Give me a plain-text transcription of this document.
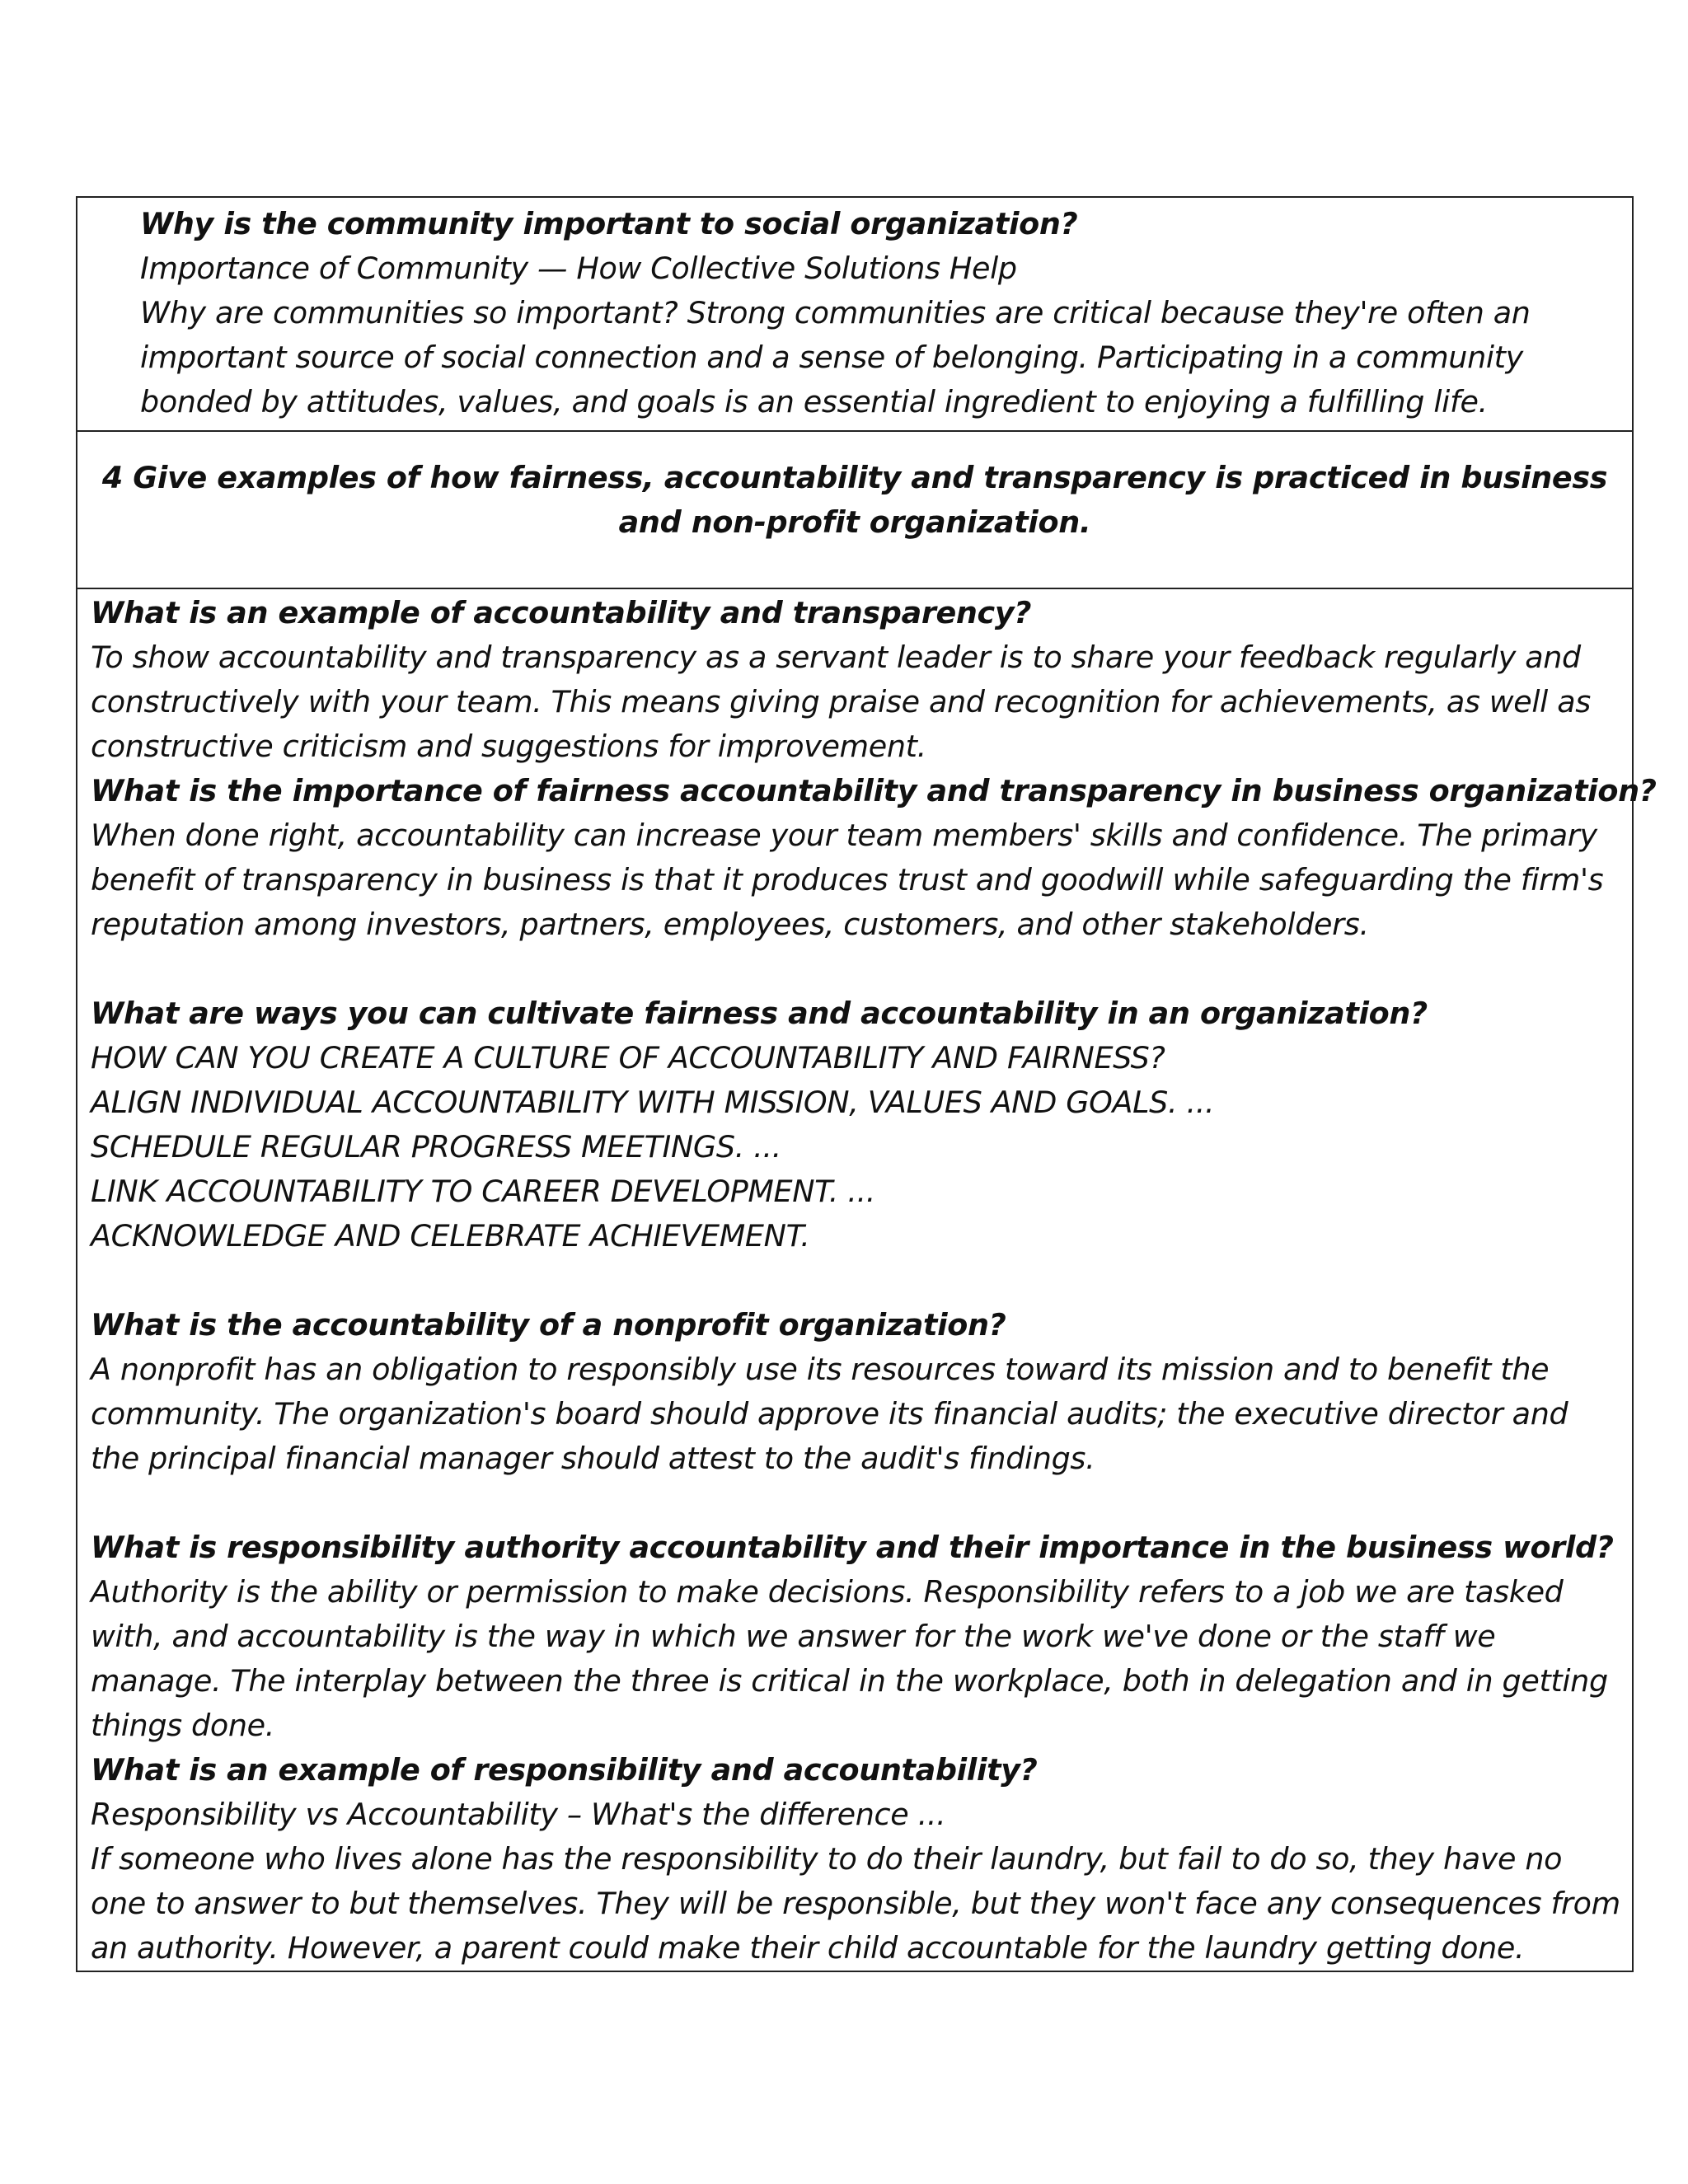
Why is the community important to social organization?
Importance of Community — How Collective Solutions Help
Why are communities so important? Strong communities are critical because they're often an important source of social connection and a sense of belonging. Participating in a community bonded by attitudes, values, and goals is an essential ingredient to enjoying a fulfilling life.
4 Give examples of how fairness, accountability and transparency is practiced in business and non-profit organization.
What is an example of accountability and transparency?
To show accountability and transparency as a servant leader is to share your feedback regularly and constructively with your team. This means giving praise and recognition for achievements, as well as constructive criticism and suggestions for improvement.
What is the importance of fairness accountability and transparency in business organization?
When done right, accountability can increase your team members' skills and confidence. The primary benefit of transparency in business is that it produces trust and goodwill while safeguarding the firm's reputation among investors, partners, employees, customers, and other stakeholders.
What are ways you can cultivate fairness and accountability in an organization?
HOW CAN YOU CREATE A CULTURE OF ACCOUNTABILITY AND FAIRNESS?
ALIGN INDIVIDUAL ACCOUNTABILITY WITH MISSION, VALUES AND GOALS. ...
SCHEDULE REGULAR PROGRESS MEETINGS. ...
LINK ACCOUNTABILITY TO CAREER DEVELOPMENT. ...
ACKNOWLEDGE AND CELEBRATE ACHIEVEMENT.
What is the accountability of a nonprofit organization?
A nonprofit has an obligation to responsibly use its resources toward its mission and to benefit the community. The organization's board should approve its financial audits; the executive director and the principal financial manager should attest to the audit's findings.
What is responsibility authority accountability and their importance in the business world?
Authority is the ability or permission to make decisions. Responsibility refers to a job we are tasked with, and accountability is the way in which we answer for the work we've done or the staff we manage. The interplay between the three is critical in the workplace, both in delegation and in getting things done.
What is an example of responsibility and accountability?
Responsibility vs Accountability – What's the difference ...
If someone who lives alone has the responsibility to do their laundry, but fail to do so, they have no one to answer to but themselves. They will be responsible, but they won't face any consequences from an authority. However, a parent could make their child accountable for the laundry getting done.
